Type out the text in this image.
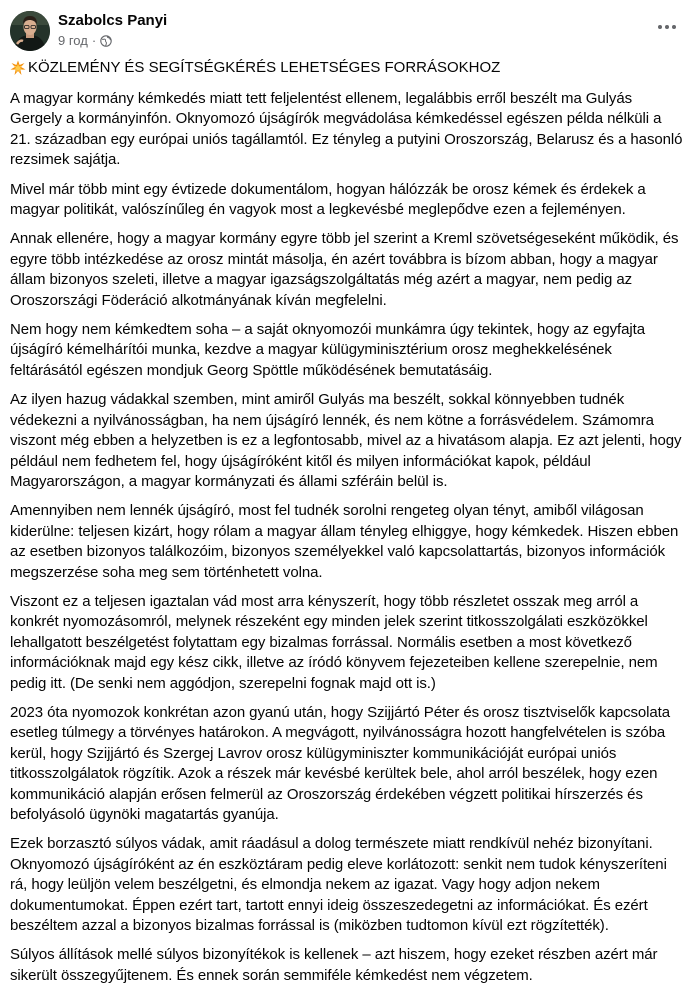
Szabolcs Panyi
9 год ·
KÖZLEMÉNY ÉS SEGÍTSÉGKÉRÉS LEHETSÉGES FORRÁSOKHOZ

A magyar kormány kémkedés miatt tett feljelentést ellenem, legalábbis erről beszélt ma Gulyás Gergely a kormányinfón. Oknyomozó újságírók megvádolása kémkedéssel egészen példa nélküli a 21. században egy európai uniós tagállamtól. Ez tényleg a putyini Oroszország, Belarusz és a hasonló rezsimek sajátja.

Mivel már több mint egy évtizede dokumentálom, hogyan hálózzák be orosz kémek és érdekek a magyar politikát, valószínűleg én vagyok most a legkevésbé meglepődve ezen a fejleményen.

Annak ellenére, hogy a magyar kormány egyre több jel szerint a Kreml szövetségeseként működik, és egyre több intézkedése az orosz mintát másolja, én azért továbbra is bízom abban, hogy a magyar állam bizonyos szeleti, illetve a magyar igazságszolgáltatás még azért a magyar, nem pedig az Oroszországi Föderáció alkotmányának kíván megfelelni.

Nem hogy nem kémkedtem soha – a saját oknyomozói munkámra úgy tekintek, hogy az egyfajta újságíró kémelhárítói munka, kezdve a magyar külügyminisztérium orosz meghekkelésének feltárásától egészen mondjuk Georg Spöttle működésének bemutatásáig.

Az ilyen hazug vádakkal szemben, mint amiről Gulyás ma beszélt, sokkal könnyebben tudnék védekezni a nyilvánosságban, ha nem újságíró lennék, és nem kötne a forrásvédelem. Számomra viszont még ebben a helyzetben is ez a legfontosabb, mivel az a hivatásom alapja. Ez azt jelenti, hogy például nem fedhetem fel, hogy újságíróként kitől és milyen információkat kapok, például Magyarországon, a magyar kormányzati és állami szféráin belül is.

Amennyiben nem lennék újságíró, most fel tudnék sorolni rengeteg olyan tényt, amiből világosan kiderülne: teljesen kizárt, hogy rólam a magyar állam tényleg elhiggye, hogy kémkedek. Hiszen ebben az esetben bizonyos találkozóim, bizonyos személyekkel való kapcsolattartás, bizonyos információk megszerzése soha meg sem történhetett volna.

Viszont ez a teljesen igaztalan vád most arra kényszerít, hogy több részletet osszak meg arról a konkrét nyomozásomról, melynek részeként egy minden jelek szerint titkosszolgálati eszközökkel lehallgatott beszélgetést folytattam egy bizalmas forrással. Normális esetben a most következő információknak majd egy kész cikk, illetve az íródó könyvem fejezeteiben kellene szerepelnie, nem pedig itt. (De senki nem aggódjon, szerepelni fognak majd ott is.)

2023 óta nyomozok konkrétan azon gyanú után, hogy Szijjártó Péter és orosz tisztviselők kapcsolata esetleg túlmegy a törvényes határokon. A megvágott, nyilvánosságra hozott hangfelvételen is szóba kerül, hogy Szijjártó és Szergej Lavrov orosz külügyminiszter kommunikációját európai uniós titkosszolgálatok rögzítik. Azok a részek már kevésbé kerültek bele, ahol arról beszélek, hogy ezen kommunikáció alapján erősen felmerül az Oroszország érdekében végzett politikai hírszerzés és befolyásoló ügynöki magatartás gyanúja.

Ezek borzasztó súlyos vádak, amit ráadásul a dolog természete miatt rendkívül nehéz bizonyítani. Oknyomozó újságíróként az én eszköztáram pedig eleve korlátozott: senkit nem tudok kényszeríteni rá, hogy leüljön velem beszélgetni, és elmondja nekem az igazat. Vagy hogy adjon nekem dokumentumokat. Éppen ezért tart, tartott ennyi ideig összeszedegetni az információkat. És ezért beszéltem azzal a bizonyos bizalmas forrással is (miközben tudtomon kívül ezt rögzítették).

Súlyos állítások mellé súlyos bizonyítékok is kellenek – azt hiszem, hogy ezeket részben azért már sikerült összegyűjtenem. És ennek során semmiféle kémkedést nem végzetem.
